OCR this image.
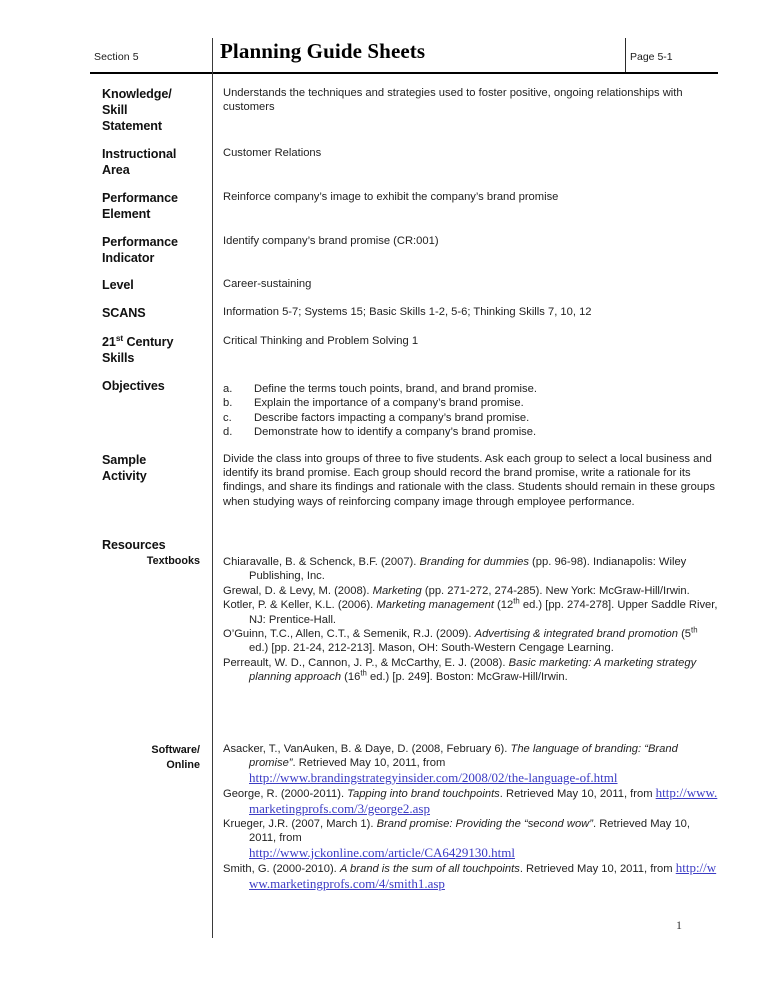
Section 5	Planning Guide Sheets	Page 5-1
Knowledge/
Skill
Statement

Understands the techniques and strategies used to foster positive, ongoing relationships with customers

Instructional
Area

Customer Relations

Performance
Element

Reinforce company’s image to exhibit the company’s brand promise

Performance
Indicator

Identify company’s brand promise (CR:001)

Level	Career-sustaining

SCANS	Information 5-7; Systems 15; Basic Skills 1-2, 5-6; Thinking Skills 7, 10, 12

21st Century
Skills

Critical Thinking and Problem Solving 1

Objectives	a.	Define the terms touch points, brand, and brand promise.
b.	Explain the importance of a company’s brand promise.
c.	Describe factors impacting a company’s brand promise.
d.	Demonstrate how to identify a company’s brand promise.
Sample
Activity

Divide the class into groups of three to five students. Ask each group to select a local business and identify its brand promise. Each group should record the brand promise, write a rationale for its findings, and share its findings and rationale with the class. Students should remain in these groups when studying ways of reinforcing company image through employee performance.

Resources
Textbooks Chiaravalle, B. & Schenck, B.F. (2007). Branding for dummies (pp. 96-98). Indianapolis: Wiley Publishing, Inc.

Grewal, D. & Levy, M. (2008). Marketing (pp. 271-272, 274-285). New York: McGraw-Hill/Irwin.

Kotler, P. & Keller, K.L. (2006). Marketing management (12th ed.) [pp. 274-278]. Upper Saddle River, NJ: Prentice-Hall.

O’Guinn, T.C., Allen, C.T., & Semenik, R.J. (2009). Advertising & integrated brand promotion (5th ed.) [pp. 21-24, 212-213]. Mason, OH: South-Western Cengage Learning.

Perreault, W. D., Cannon, J. P., & McCarthy, E. J. (2008). Basic marketing: A marketing strategy planning approach (16th ed.) [p. 249]. Boston: McGraw-Hill/Irwin.

Software/
Online

Asacker, T., VanAuken, B. & Daye, D. (2008, February 6). The language of branding: “Brand promise”. Retrieved May 10, 2011, from
http://www.brandingstrategyinsider.com/2008/02/the-language-of.html

George, R. (2000-2011). Tapping into brand touchpoints. Retrieved May 10, 2011, from http://www.marketingprofs.com/3/george2.asp

Krueger, J.R. (2007, March 1). Brand promise: Providing the “second wow”. Retrieved May 10, 2011, from
http://www.jckonline.com/article/CA6429130.html

Smith, G. (2000-2010). A brand is the sum of all touchpoints. Retrieved May 10, 2011, from http://www.marketingprofs.com/4/smith1.asp

1
